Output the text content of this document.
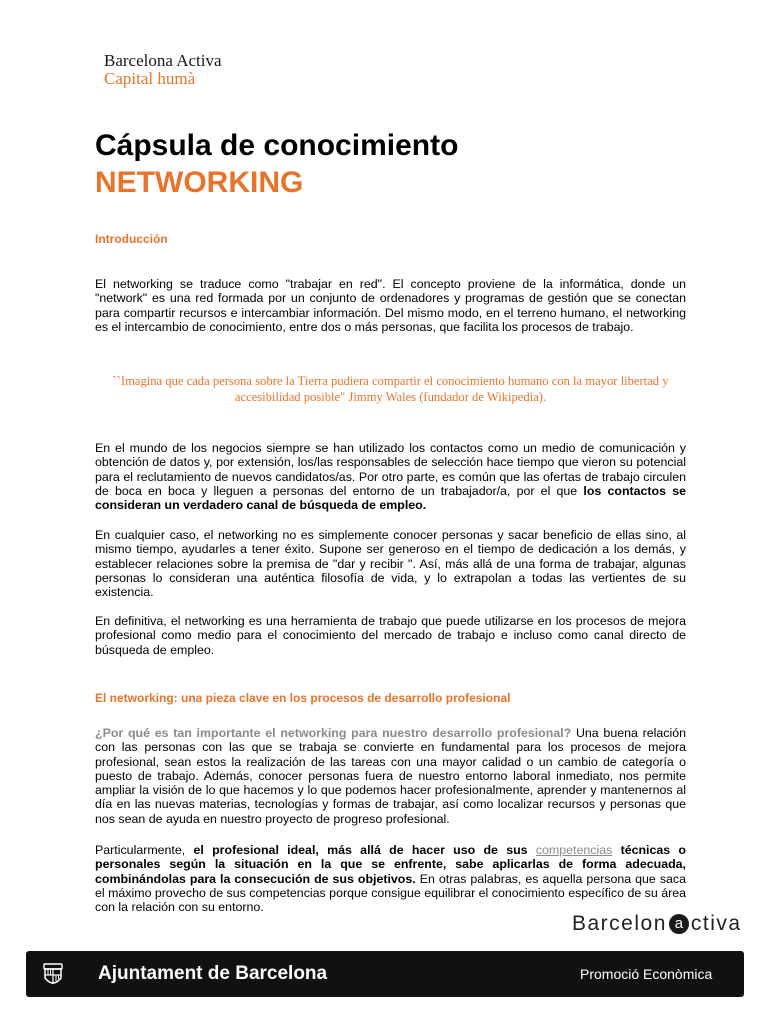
Barcelona Activa
Capital humà
Cápsula de conocimiento
NETWORKING
Introducción

El networking se traduce como "trabajar en red". El concepto proviene de la informática, donde un "network" es una red formada por un conjunto de ordenadores y programas de gestión que se conectan para compartir recursos e intercambiar información. Del mismo modo, en el terreno humano, el networking es el intercambio de conocimiento, entre dos o más personas, que facilita los procesos de trabajo.

``Imagina que cada persona sobre la Tierra pudiera compartir el conocimiento humano con la mayor libertad y accesibilidad posible" Jimmy Wales (fundador de Wikipedia).

En el mundo de los negocios siempre se han utilizado los contactos como un medio de comunicación y obtención de datos y, por extensión, los/las responsables de selección hace tiempo que vieron su potencial para el reclutamiento de nuevos candidatos/as. Por otro parte, es común que las ofertas de trabajo circulen de boca en boca y lleguen a personas del entorno de un trabajador/a, por el que los contactos se consideran un verdadero canal de búsqueda de empleo.

En cualquier caso, el networking no es simplemente conocer personas y sacar beneficio de ellas sino, al mismo tiempo, ayudarles a tener éxito. Supone ser generoso en el tiempo de dedicación a los demás, y establecer relaciones sobre la premisa de "dar y recibir ". Así, más allá de una forma de trabajar, algunas personas lo consideran una auténtica filosofía de vida, y lo extrapolan a todas las vertientes de su existencia.

En definitiva, el networking es una herramienta de trabajo que puede utilizarse en los procesos de mejora profesional como medio para el conocimiento del mercado de trabajo e incluso como canal directo de búsqueda de empleo.

El networking: una pieza clave en los procesos de desarrollo profesional

¿Por qué es tan importante el networking para nuestro desarrollo profesional? Una buena relación con las personas con las que se trabaja se convierte en fundamental para los procesos de mejora profesional, sean estos la realización de las tareas con una mayor calidad o un cambio de categoría o puesto de trabajo. Además, conocer personas fuera de nuestro entorno laboral inmediato, nos permite ampliar la visión de lo que hacemos y lo que podemos hacer profesionalmente, aprender y mantenernos al día en las nuevas materias, tecnologías y formas de trabajar, así como localizar recursos y personas que nos sean de ayuda en nuestro proyecto de progreso profesional.

Particularmente, el profesional ideal, más allá de hacer uso de sus competencias técnicas o personales según la situación en la que se enfrente, sabe aplicarlas de forma adecuada, combinándolas para la consecución de sus objetivos. En otras palabras, es aquella persona que saca el máximo provecho de sus competencias porque consigue equilibrar el conocimiento específico de su área con la relación con su entorno.

Barcelon a ctiva
Ajuntament de Barcelona	Promoció Econòmica
